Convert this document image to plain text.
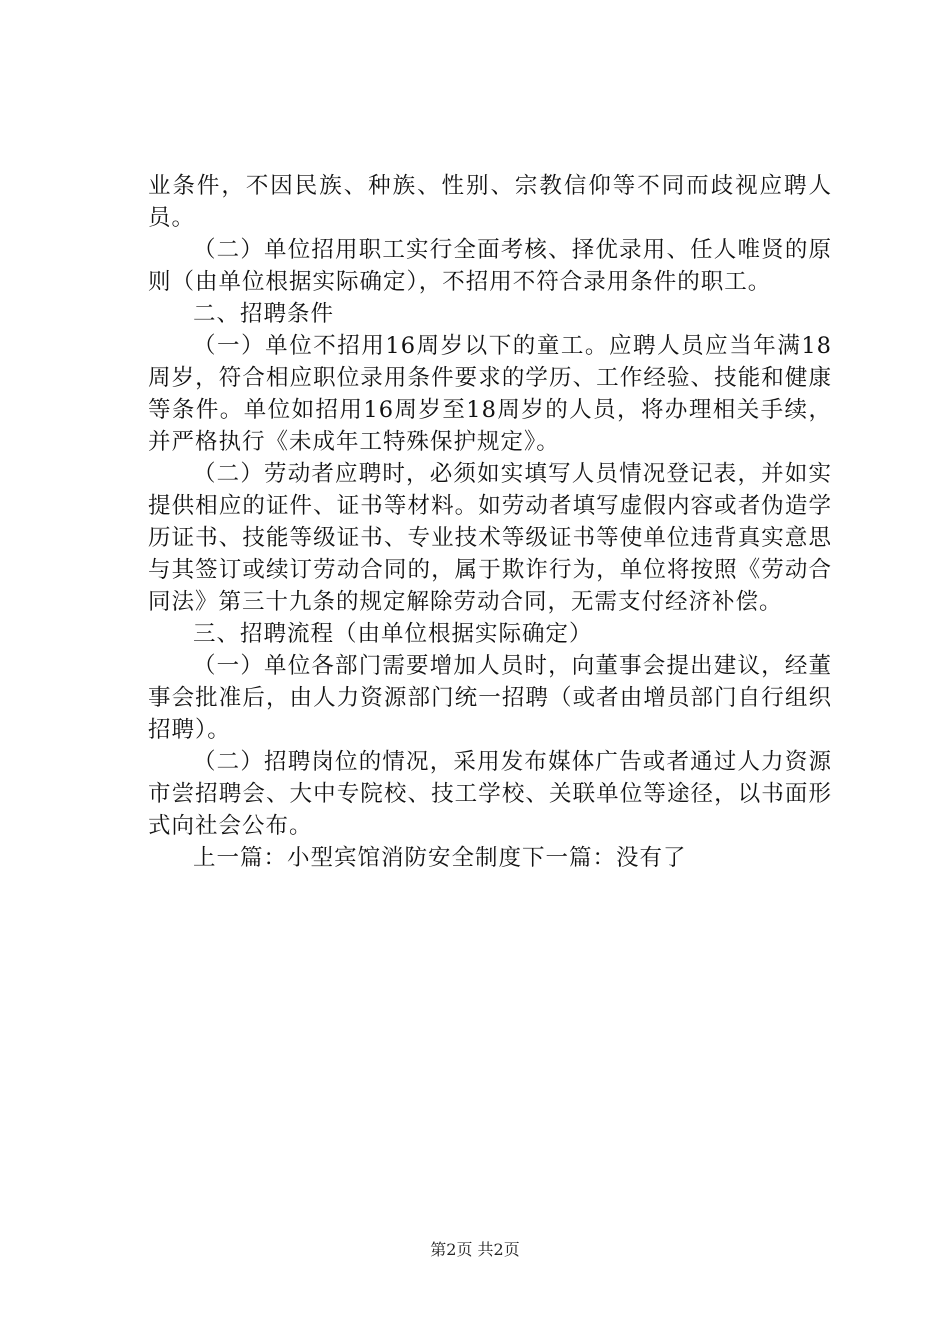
业条件，不因民族、种族、性别、宗教信仰等不同而歧视应聘人员。

（二）单位招用职工实行全面考核、择优录用、任人唯贤的原则（由单位根据实际确定），不招用不符合录用条件的职工。

二、招聘条件

（一）单位不招用16周岁以下的童工。应聘人员应当年满18周岁，符合相应职位录用条件要求的学历、工作经验、技能和健康等条件。单位如招用16周岁至18周岁的人员，将办理相关手续，并严格执行《未成年工特殊保护规定》。

（二）劳动者应聘时，必须如实填写人员情况登记表，并如实提供相应的证件、证书等材料。如劳动者填写虚假内容或者伪造学历证书、技能等级证书、专业技术等级证书等使单位违背真实意思与其签订或续订劳动合同的，属于欺诈行为，单位将按照《劳动合同法》第三十九条的规定解除劳动合同，无需支付经济补偿。

三、招聘流程（由单位根据实际确定）

（一）单位各部门需要增加人员时，向董事会提出建议，经董事会批准后，由人力资源部门统一招聘（或者由增员部门自行组织招聘）。

（二）招聘岗位的情况，采用发布媒体广告或者通过人力资源市尝招聘会、大中专院校、技工学校、关联单位等途径，以书面形式向社会公布。

上一篇：小型宾馆消防安全制度下一篇：没有了

第2页 共2页
